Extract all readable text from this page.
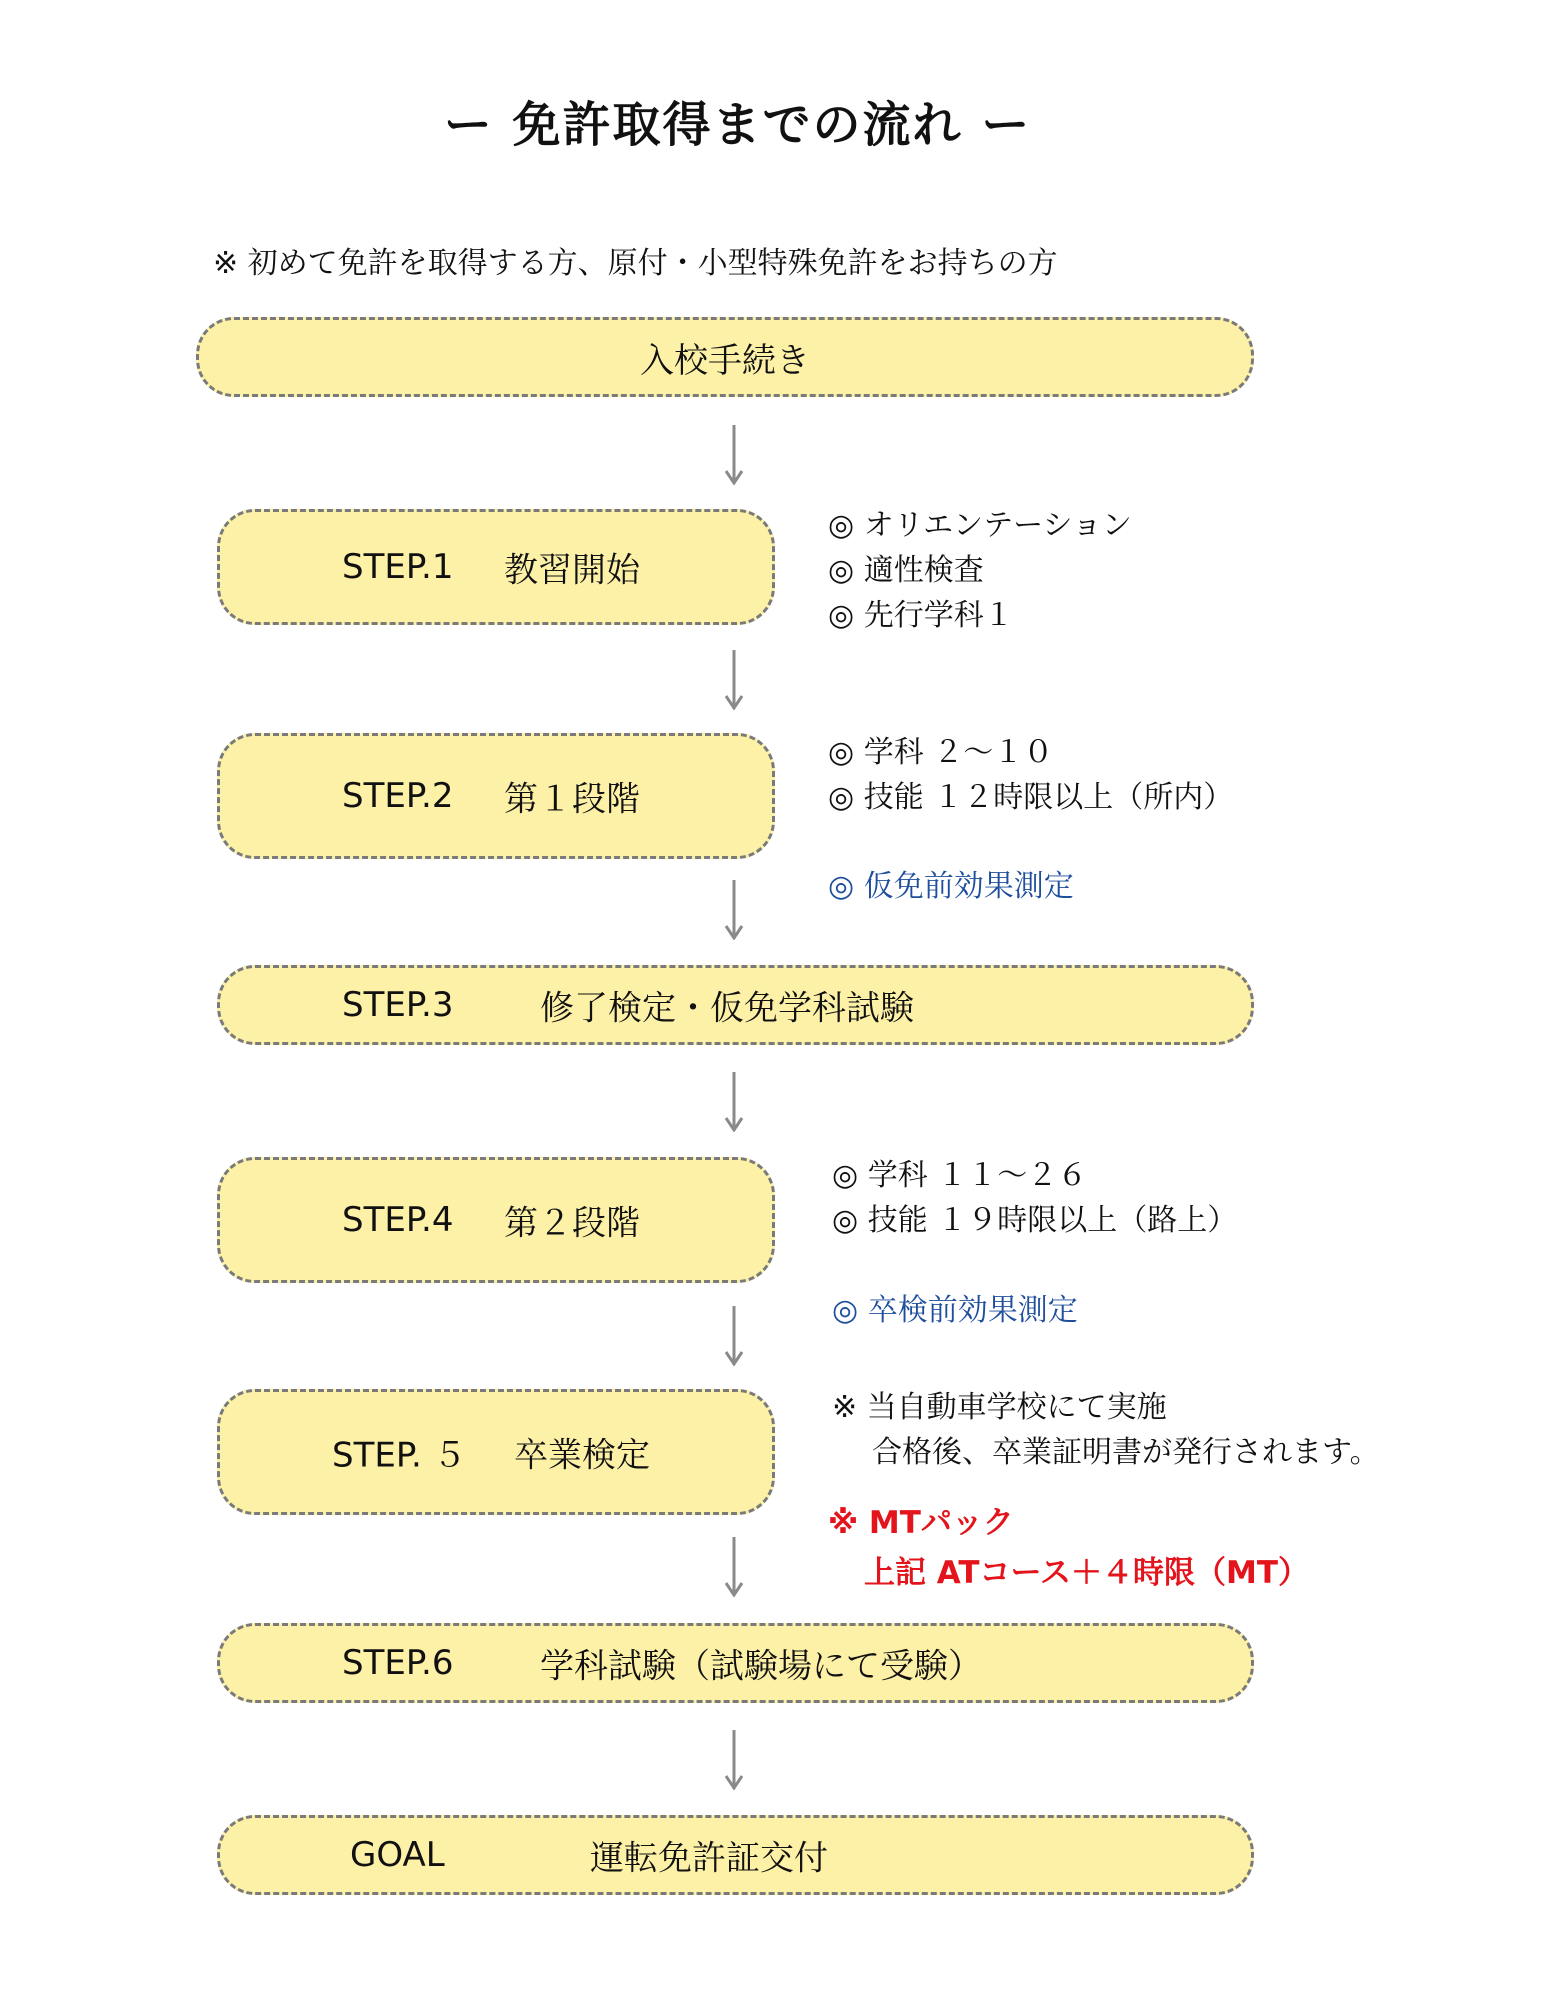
ー 免許取得までの流れ ー
※ 初めて免許を取得する方、原付・小型特殊免許をお持ちの方
入校手続き
STEP.1 教習開始
◎ オリエンテーション
◎ 適性検査
◎ 先行学科１
STEP.2 第１段階
◎ 学科 ２〜１０
◎ 技能 １２時限以上（所内）
◎ 仮免前効果測定
STEP.3	修了検定・仮免学科試験
STEP.4 第２段階
◎ 学科 １１〜２６
◎ 技能 １９時限以上（路上）
◎ 卒検前効果測定
STEP. ５ 卒業検定
※ 当自動車学校にて実施
合格後、卒業証明書が発行されます。
※ MTパック
上記 ATコース＋４時限（MT）
STEP.6	学科試験（試験場にて受験）
GOAL	運転免許証交付
